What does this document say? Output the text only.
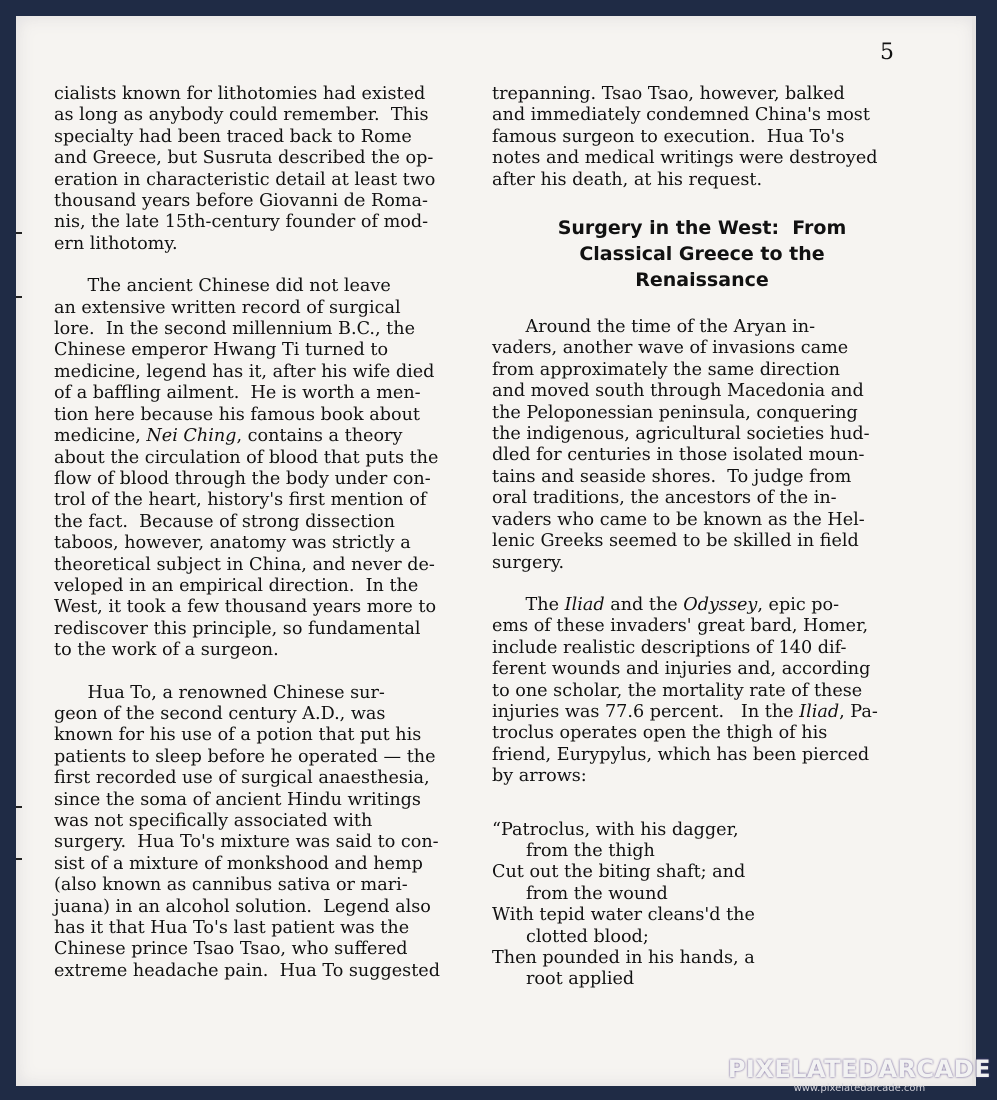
5

cialists known for lithotomies had existed
as long as anybody could remember.  This
specialty had been traced back to Rome
and Greece, but Susruta described the op-
eration in characteristic detail at least two
thousand years before Giovanni de Roma-
nis, the late 15th-century founder of mod-
ern lithotomy.

The ancient Chinese did not leave
an extensive written record of surgical
lore.  In the second millennium B.C., the
Chinese emperor Hwang Ti turned to
medicine, legend has it, after his wife died
of a baffling ailment.  He is worth a men-
tion here because his famous book about

medicine, Nei Ching, contains a theory

about the circulation of blood that puts the
flow of blood through the body under con-
trol of the heart, history's first mention of
the fact.  Because of strong dissection
taboos, however, anatomy was strictly a
theoretical subject in China, and never de-
veloped in an empirical direction.  In the
West, it took a few thousand years more to
rediscover this principle, so fundamental
to the work of a surgeon.

Hua To, a renowned Chinese sur-
geon of the second century A.D., was
known for his use of a potion that put his
patients to sleep before he operated — the
first recorded use of surgical anaesthesia,
since the soma of ancient Hindu writings
was not specifically associated with
surgery.  Hua To's mixture was said to con-
sist of a mixture of monkshood and hemp
(also known as cannibus sativa or mari-
juana) in an alcohol solution.  Legend also
has it that Hua To's last patient was the
Chinese prince Tsao Tsao, who suffered
extreme headache pain.  Hua To suggested

trepanning. Tsao Tsao, however, balked
and immediately condemned China's most
famous surgeon to execution.  Hua To's
notes and medical writings were destroyed
after his death, at his request.

Surgery in the West:  From
Classical Greece to the
Renaissance

Around the time of the Aryan in-
vaders, another wave of invasions came
from approximately the same direction
and moved south through Macedonia and
the Peloponessian peninsula, conquering
the indigenous, agricultural societies hud-
dled for centuries in those isolated moun-
tains and seaside shores.  To judge from
oral traditions, the ancestors of the in-
vaders who came to be known as the Hel-
lenic Greeks seemed to be skilled in field
surgery.

The Iliad and the Odyssey, epic po-
ems of these invaders' great bard, Homer,
include realistic descriptions of 140 dif-
ferent wounds and injuries and, according
to one scholar, the mortality rate of these
injuries was 77.6 percent.   In the Iliad, Pa-
troclus operates open the thigh of his
friend, Eurypylus, which has been pierced
by arrows:

“Patroclus, with his dagger,
from the thigh
Cut out the biting shaft; and
from the wound
With tepid water cleans'd the
clotted blood;
Then pounded in his hands, a
root applied

PIXELATEDARCADE
www.pixelatedarcade.com
